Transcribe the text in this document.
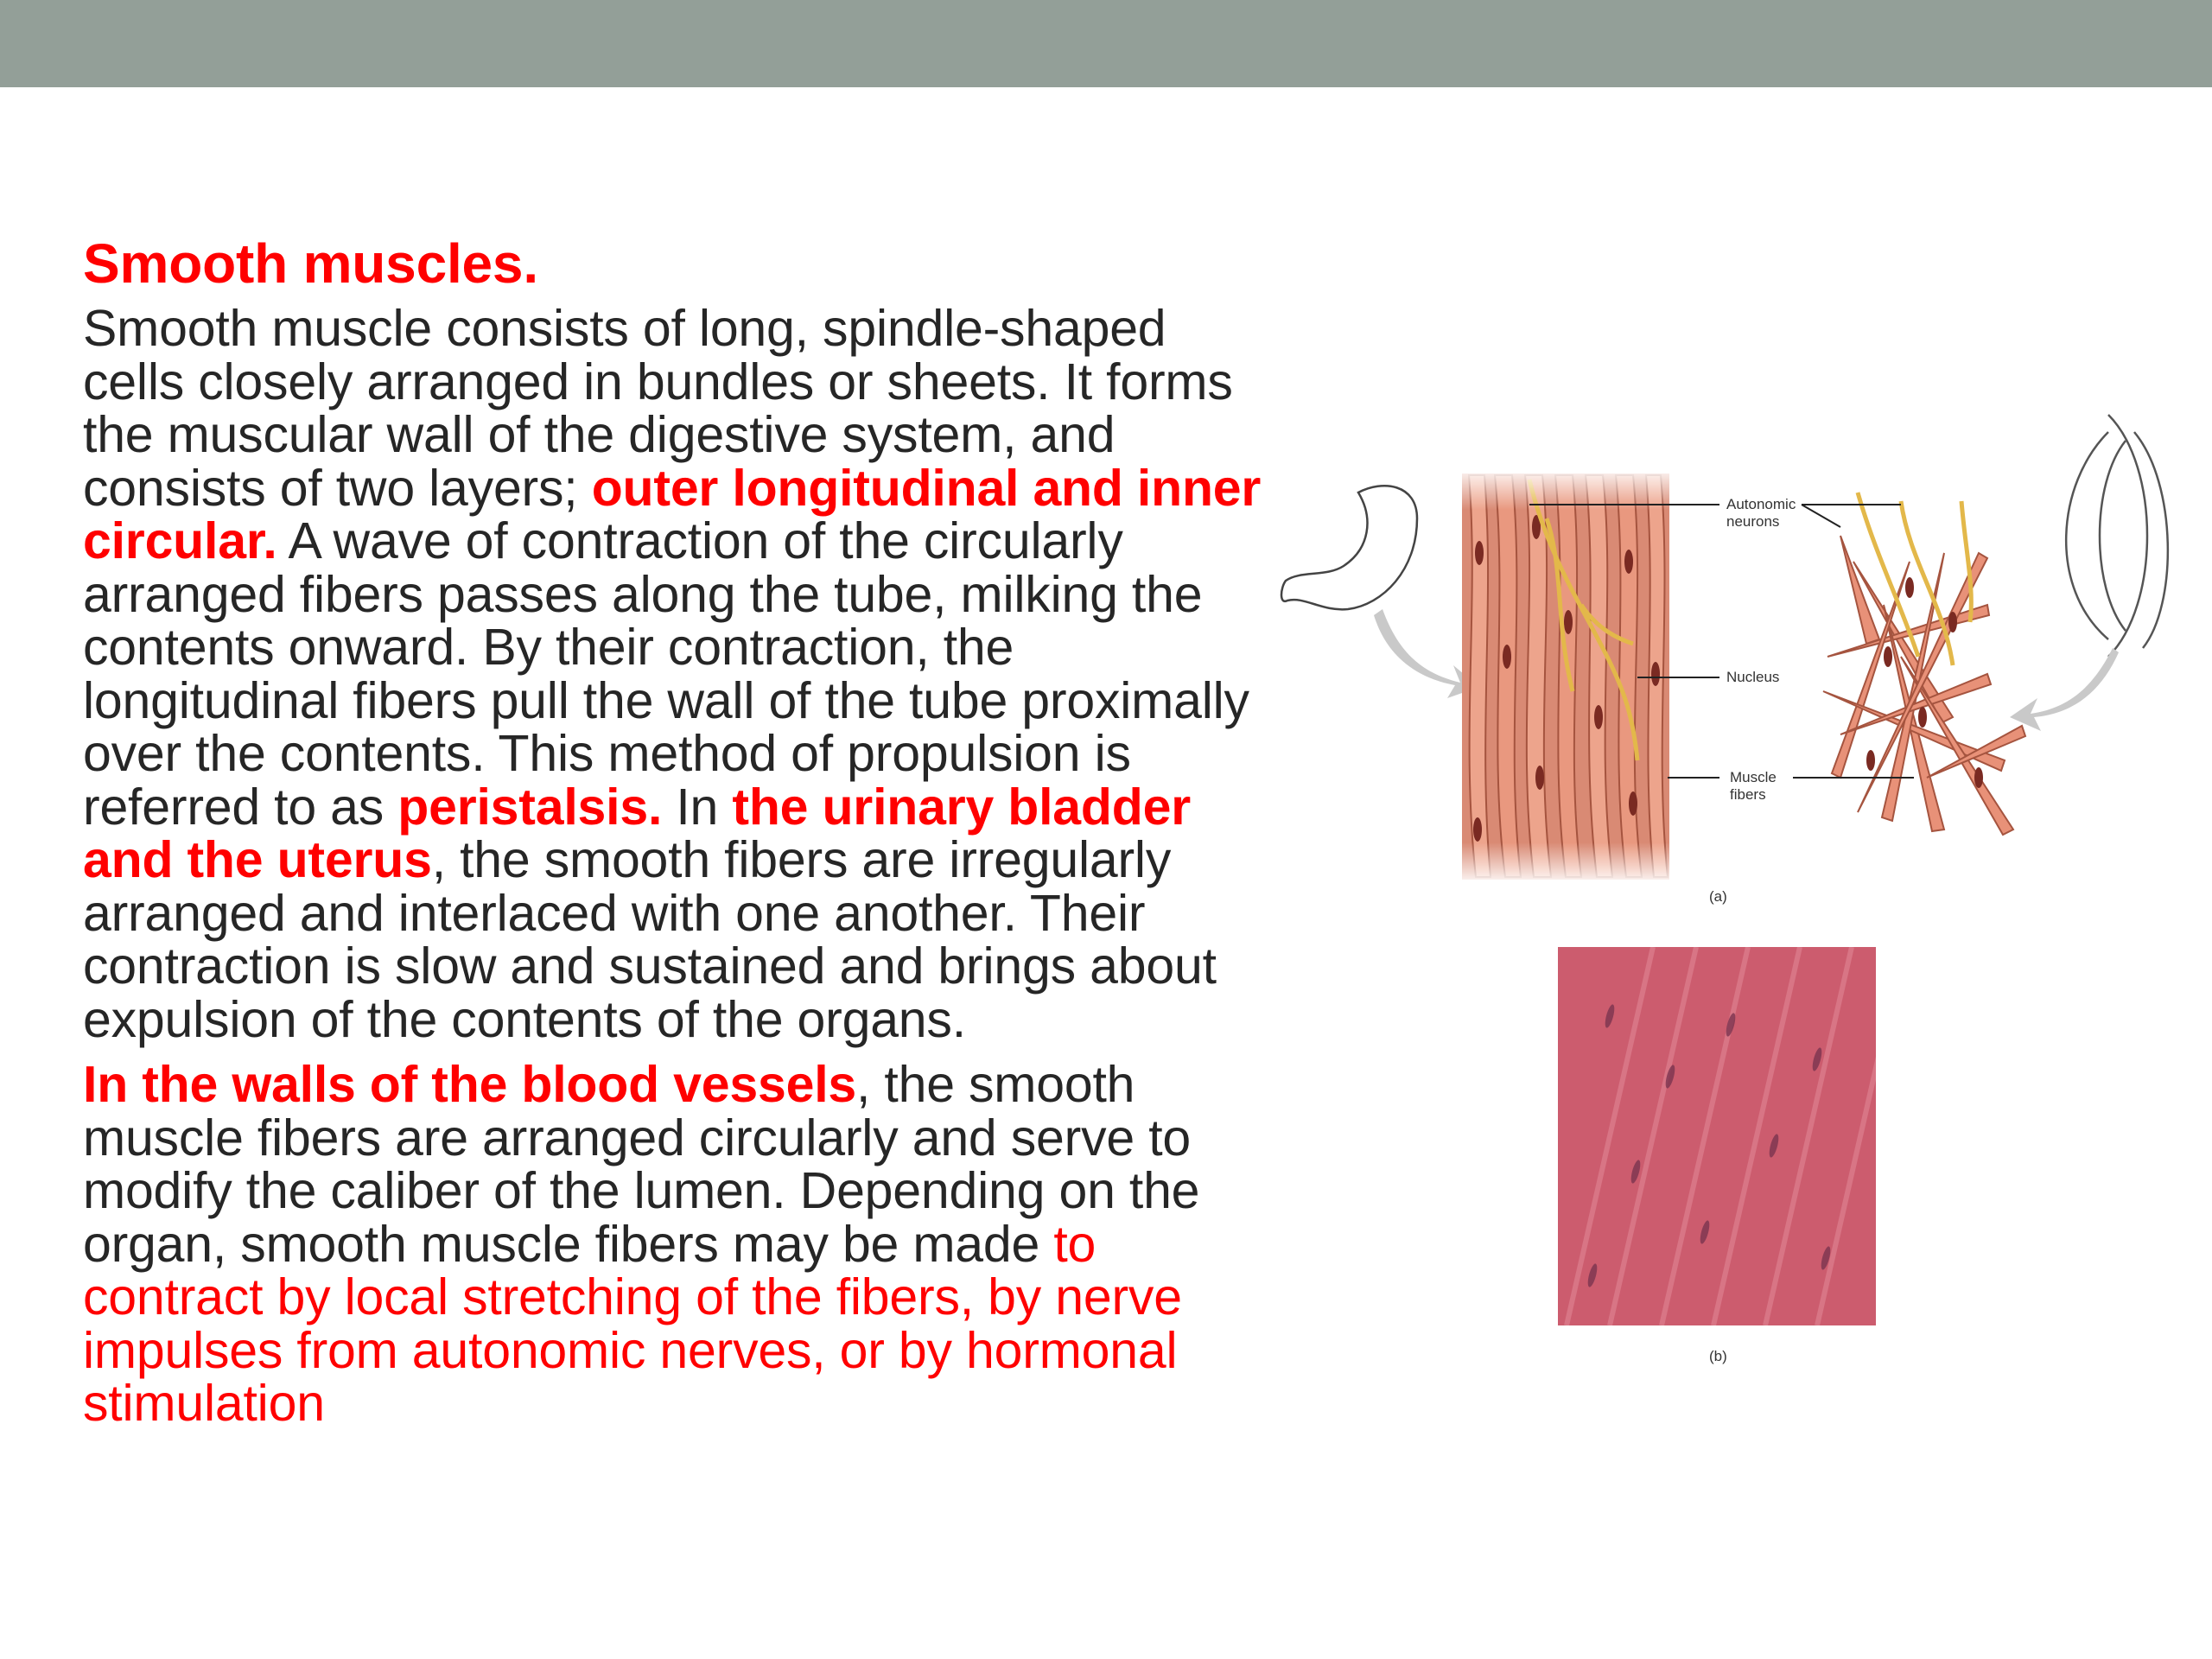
Smooth muscles.
Smooth muscle consists of long, spindle-shaped cells closely arranged in bundles or sheets. It forms the muscular wall of the digestive system, and consists of two layers; outer longitudinal and inner circular. A wave of contraction of the circularly arranged fibers passes along the tube, milking the contents onward. By their contraction, the longitudinal fibers pull the wall of the tube proximally over the contents. This method of propulsion is referred to as peristalsis. In the urinary bladder and the uterus, the smooth fibers are irregularly arranged and interlaced with one another. Their contraction is slow and sustained and brings about expulsion of the contents of the organs.
In the walls of the blood vessels, the smooth muscle fibers are arranged circularly and serve to modify the caliber of the lumen. Depending on the organ, smooth muscle fibers may be made to contract by local stretching of the fibers, by nerve impulses from autonomic nerves, or by hormonal stimulation
Autonomic
neurons
Nucleus
Muscle
fibers
(a)
(b)
